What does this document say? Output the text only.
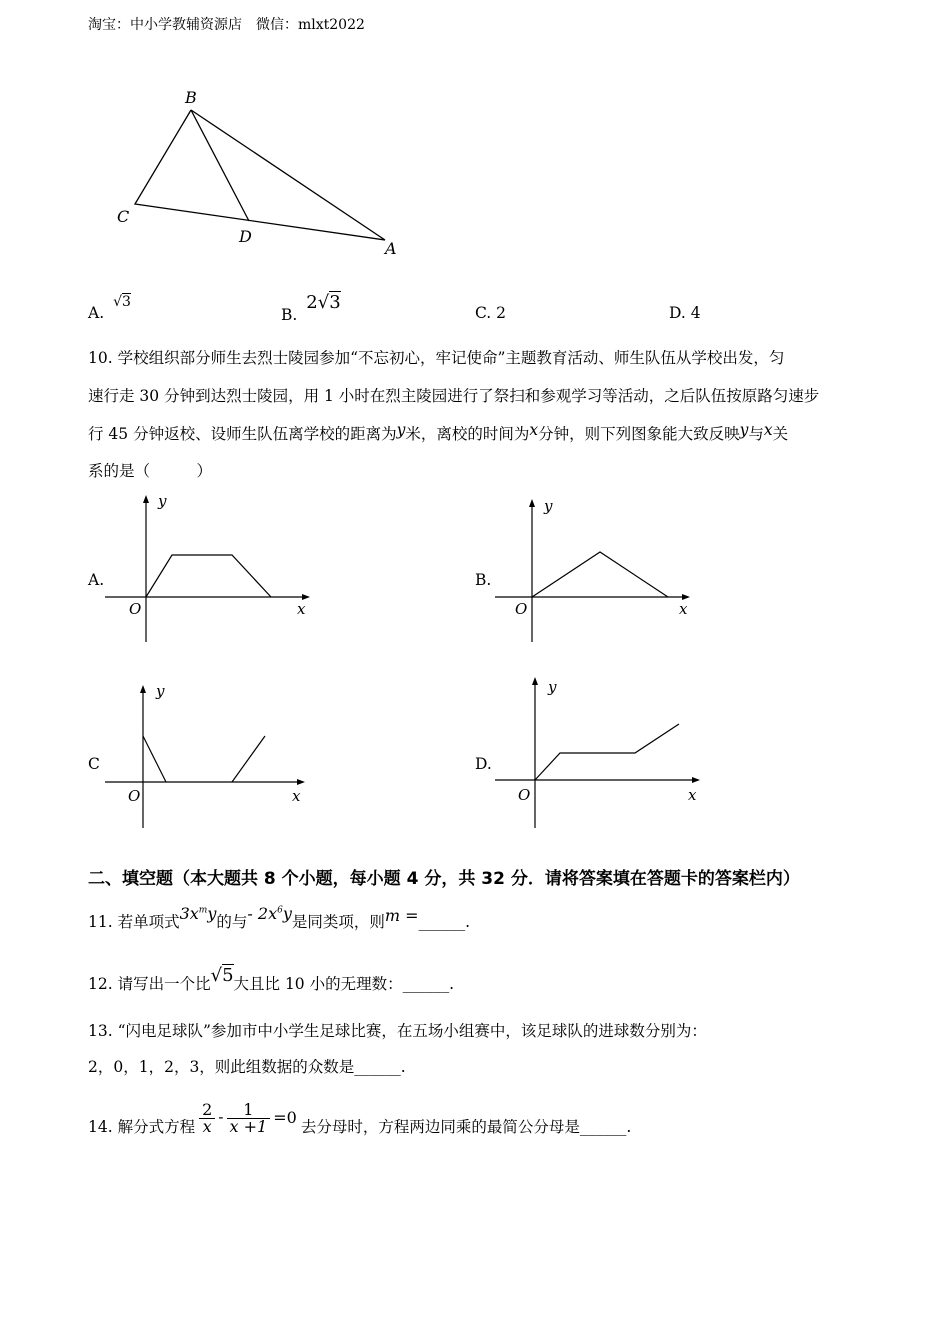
淘宝：中小学教辅资源店　微信：mlxt2022
B
C
D
A
A. √3
B. 2√3	C. 2	D. 4
10. 学校组织部分师生去烈士陵园参加“不忘初心，牢记使命”主题教育活动、师生队伍从学校出发，匀
速行走 30 分钟到达烈士陵园，用 1 小时在烈主陵园进行了祭扫和参观学习等活动，之后队伍按原路匀速步
行 45 分钟返校、设师生队伍离学校的距离为y米，离校的时间为x分钟，则下列图象能大致反映y与x关
系的是（　　　）
A.	B.
C	D.
y
x
O
y
x
O
y
x
O
y
x
O
二、填空题（本大题共 8 个小题，每小题 4 分，共 32 分．请将答案填在答题卡的答案栏内）
11. 若单项式$3x^my$的与- $2x^6y$是同类项，则m =______.
12. 请写出一个比√5大且比 10 小的无理数：______.
13. “闪电足球队”参加市中小学生足球比赛，在五场小组赛中，该足球队的进球数分别为：
2，0，1，2，3，则此组数据的众数是______.
14. 解分式方程 $\frac{2}{x} - \frac{1}{x +1} =0$
去分母时，方程两边同乘的最简公分母是______.
